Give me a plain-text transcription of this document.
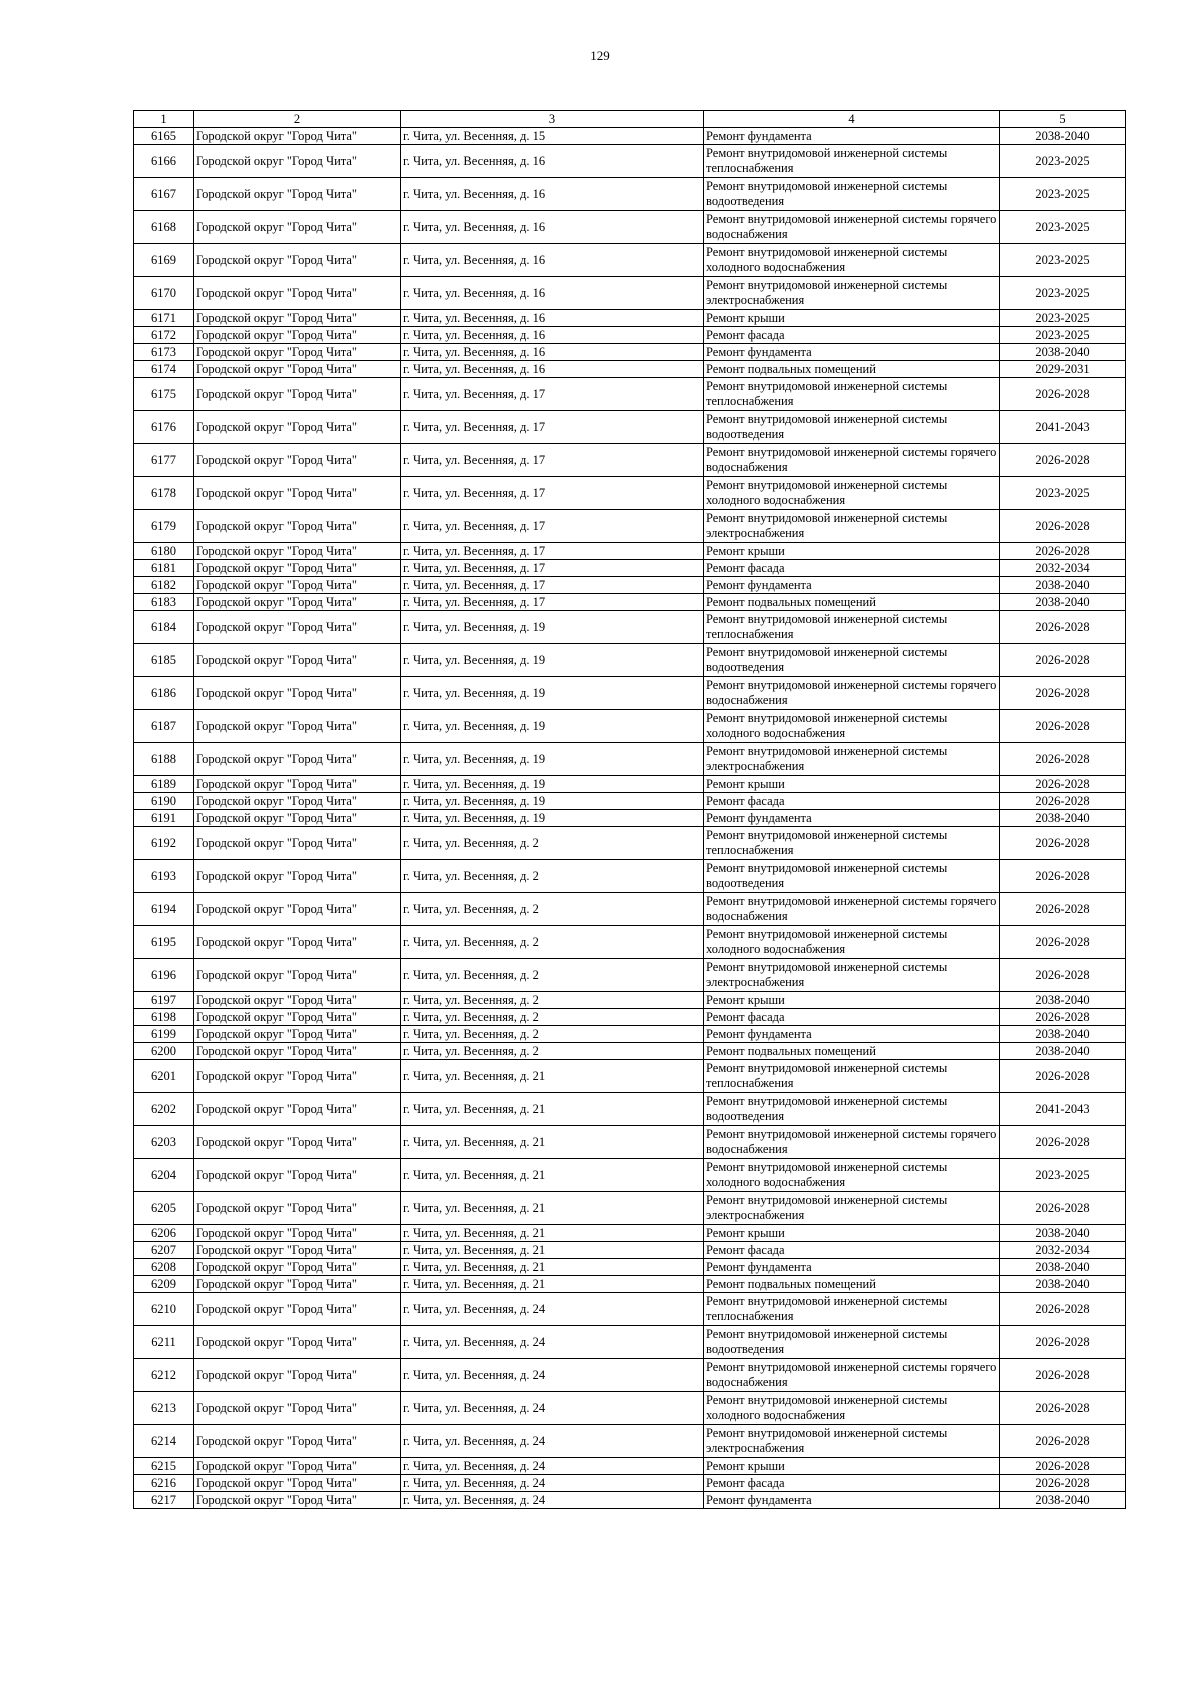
129
1	2	3	4	5
6165	Городской округ "Город Чита"	г. Чита, ул. Весенняя, д. 15	Ремонт фундамента	2038-2040
6166	Городской округ "Город Чита"	г. Чита, ул. Весенняя, д. 16	Ремонт внутридомовой инженерной системы теплоснабжения	2023-2025
6167	Городской округ "Город Чита"	г. Чита, ул. Весенняя, д. 16	Ремонт внутридомовой инженерной системы водоотведения	2023-2025
6168	Городской округ "Город Чита"	г. Чита, ул. Весенняя, д. 16	Ремонт внутридомовой инженерной системы горячего водоснабжения	2023-2025
6169	Городской округ "Город Чита"	г. Чита, ул. Весенняя, д. 16	Ремонт внутридомовой инженерной системы холодного водоснабжения	2023-2025
6170	Городской округ "Город Чита"	г. Чита, ул. Весенняя, д. 16	Ремонт внутридомовой инженерной системы электроснабжения	2023-2025
6171	Городской округ "Город Чита"	г. Чита, ул. Весенняя, д. 16	Ремонт крыши	2023-2025
6172	Городской округ "Город Чита"	г. Чита, ул. Весенняя, д. 16	Ремонт фасада	2023-2025
6173	Городской округ "Город Чита"	г. Чита, ул. Весенняя, д. 16	Ремонт фундамента	2038-2040
6174	Городской округ "Город Чита"	г. Чита, ул. Весенняя, д. 16	Ремонт подвальных помещений	2029-2031
6175	Городской округ "Город Чита"	г. Чита, ул. Весенняя, д. 17	Ремонт внутридомовой инженерной системы теплоснабжения	2026-2028
6176	Городской округ "Город Чита"	г. Чита, ул. Весенняя, д. 17	Ремонт внутридомовой инженерной системы водоотведения	2041-2043
6177	Городской округ "Город Чита"	г. Чита, ул. Весенняя, д. 17	Ремонт внутридомовой инженерной системы горячего водоснабжения	2026-2028
6178	Городской округ "Город Чита"	г. Чита, ул. Весенняя, д. 17	Ремонт внутридомовой инженерной системы холодного водоснабжения	2023-2025
6179	Городской округ "Город Чита"	г. Чита, ул. Весенняя, д. 17	Ремонт внутридомовой инженерной системы электроснабжения	2026-2028
6180	Городской округ "Город Чита"	г. Чита, ул. Весенняя, д. 17	Ремонт крыши	2026-2028
6181	Городской округ "Город Чита"	г. Чита, ул. Весенняя, д. 17	Ремонт фасада	2032-2034
6182	Городской округ "Город Чита"	г. Чита, ул. Весенняя, д. 17	Ремонт фундамента	2038-2040
6183	Городской округ "Город Чита"	г. Чита, ул. Весенняя, д. 17	Ремонт подвальных помещений	2038-2040
6184	Городской округ "Город Чита"	г. Чита, ул. Весенняя, д. 19	Ремонт внутридомовой инженерной системы теплоснабжения	2026-2028
6185	Городской округ "Город Чита"	г. Чита, ул. Весенняя, д. 19	Ремонт внутридомовой инженерной системы водоотведения	2026-2028
6186	Городской округ "Город Чита"	г. Чита, ул. Весенняя, д. 19	Ремонт внутридомовой инженерной системы горячего водоснабжения	2026-2028
6187	Городской округ "Город Чита"	г. Чита, ул. Весенняя, д. 19	Ремонт внутридомовой инженерной системы холодного водоснабжения	2026-2028
6188	Городской округ "Город Чита"	г. Чита, ул. Весенняя, д. 19	Ремонт внутридомовой инженерной системы электроснабжения	2026-2028
6189	Городской округ "Город Чита"	г. Чита, ул. Весенняя, д. 19	Ремонт крыши	2026-2028
6190	Городской округ "Город Чита"	г. Чита, ул. Весенняя, д. 19	Ремонт фасада	2026-2028
6191	Городской округ "Город Чита"	г. Чита, ул. Весенняя, д. 19	Ремонт фундамента	2038-2040
6192	Городской округ "Город Чита"	г. Чита, ул. Весенняя, д. 2	Ремонт внутридомовой инженерной системы теплоснабжения	2026-2028
6193	Городской округ "Город Чита"	г. Чита, ул. Весенняя, д. 2	Ремонт внутридомовой инженерной системы водоотведения	2026-2028
6194	Городской округ "Город Чита"	г. Чита, ул. Весенняя, д. 2	Ремонт внутридомовой инженерной системы горячего водоснабжения	2026-2028
6195	Городской округ "Город Чита"	г. Чита, ул. Весенняя, д. 2	Ремонт внутридомовой инженерной системы холодного водоснабжения	2026-2028
6196	Городской округ "Город Чита"	г. Чита, ул. Весенняя, д. 2	Ремонт внутридомовой инженерной системы электроснабжения	2026-2028
6197	Городской округ "Город Чита"	г. Чита, ул. Весенняя, д. 2	Ремонт крыши	2038-2040
6198	Городской округ "Город Чита"	г. Чита, ул. Весенняя, д. 2	Ремонт фасада	2026-2028
6199	Городской округ "Город Чита"	г. Чита, ул. Весенняя, д. 2	Ремонт фундамента	2038-2040
6200	Городской округ "Город Чита"	г. Чита, ул. Весенняя, д. 2	Ремонт подвальных помещений	2038-2040
6201	Городской округ "Город Чита"	г. Чита, ул. Весенняя, д. 21	Ремонт внутридомовой инженерной системы теплоснабжения	2026-2028
6202	Городской округ "Город Чита"	г. Чита, ул. Весенняя, д. 21	Ремонт внутридомовой инженерной системы водоотведения	2041-2043
6203	Городской округ "Город Чита"	г. Чита, ул. Весенняя, д. 21	Ремонт внутридомовой инженерной системы горячего водоснабжения	2026-2028
6204	Городской округ "Город Чита"	г. Чита, ул. Весенняя, д. 21	Ремонт внутридомовой инженерной системы холодного водоснабжения	2023-2025
6205	Городской округ "Город Чита"	г. Чита, ул. Весенняя, д. 21	Ремонт внутридомовой инженерной системы электроснабжения	2026-2028
6206	Городской округ "Город Чита"	г. Чита, ул. Весенняя, д. 21	Ремонт крыши	2038-2040
6207	Городской округ "Город Чита"	г. Чита, ул. Весенняя, д. 21	Ремонт фасада	2032-2034
6208	Городской округ "Город Чита"	г. Чита, ул. Весенняя, д. 21	Ремонт фундамента	2038-2040
6209	Городской округ "Город Чита"	г. Чита, ул. Весенняя, д. 21	Ремонт подвальных помещений	2038-2040
6210	Городской округ "Город Чита"	г. Чита, ул. Весенняя, д. 24	Ремонт внутридомовой инженерной системы теплоснабжения	2026-2028
6211	Городской округ "Город Чита"	г. Чита, ул. Весенняя, д. 24	Ремонт внутридомовой инженерной системы водоотведения	2026-2028
6212	Городской округ "Город Чита"	г. Чита, ул. Весенняя, д. 24	Ремонт внутридомовой инженерной системы горячего водоснабжения	2026-2028
6213	Городской округ "Город Чита"	г. Чита, ул. Весенняя, д. 24	Ремонт внутридомовой инженерной системы холодного водоснабжения	2026-2028
6214	Городской округ "Город Чита"	г. Чита, ул. Весенняя, д. 24	Ремонт внутридомовой инженерной системы электроснабжения	2026-2028
6215	Городской округ "Город Чита"	г. Чита, ул. Весенняя, д. 24	Ремонт крыши	2026-2028
6216	Городской округ "Город Чита"	г. Чита, ул. Весенняя, д. 24	Ремонт фасада	2026-2028
6217	Городской округ "Город Чита"	г. Чита, ул. Весенняя, д. 24	Ремонт фундамента	2038-2040
